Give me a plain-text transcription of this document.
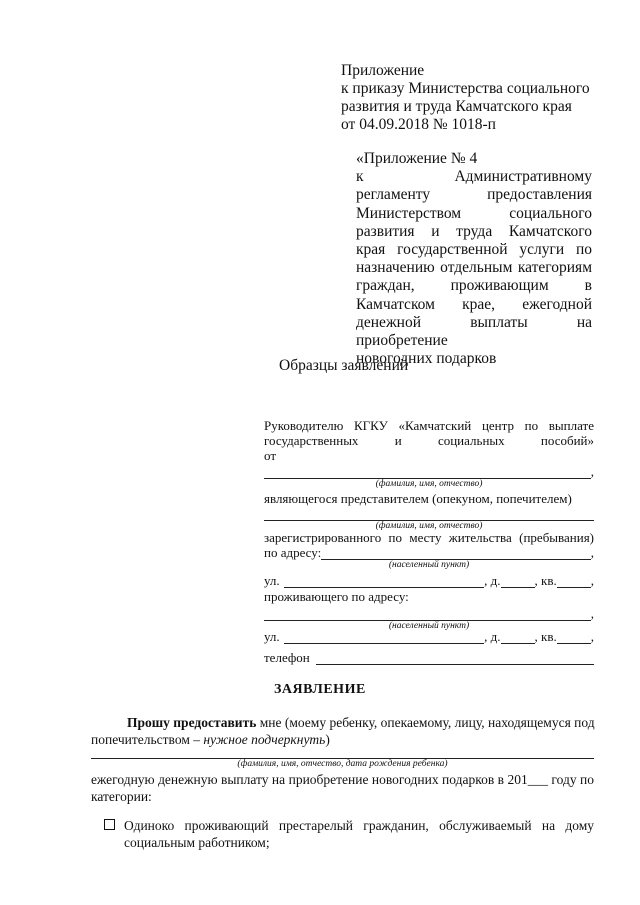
Приложение
к приказу Министерства социального
развития и труда Камчатского края
от 04.09.2018 № 1018-п
«Приложение № 4
к Административному
регламенту предоставления
Министерством социального
развития и труда Камчатского
края государственной услуги по
назначению отдельным категориям
граждан, проживающим в
Камчатском крае, ежегодной
денежной выплаты на приобретение
новогодних подарков
Образцы заявлений
Руководителю КГКУ «Камчатский центр по выплате
государственных и социальных пособий»
от
,
(фамилия, имя, отчество)
являющегося представителем (опекуном, попечителем)
(фамилия, имя, отчество)
зарегистрированного по месту жительства (пребывания)
по адресу:	,
(населенный пункт)
ул.	, д.	, кв.	,
проживающего по адресу:
,
(населенный пункт)
ул.	, д.	, кв.	,
телефон
ЗАЯВЛЕНИЕ
Прошу предоставить мне (моему ребенку, опекаемому, лицу, находящемуся под
попечительством – нужное подчеркнуть)
(фамилия, имя, отчество, дата рождения ребенка)
ежегодную денежную выплату на приобретение новогодних подарков в 201___ году по
категории:
Одиноко проживающий престарелый гражданин, обслуживаемый на дому
социальным работником;
